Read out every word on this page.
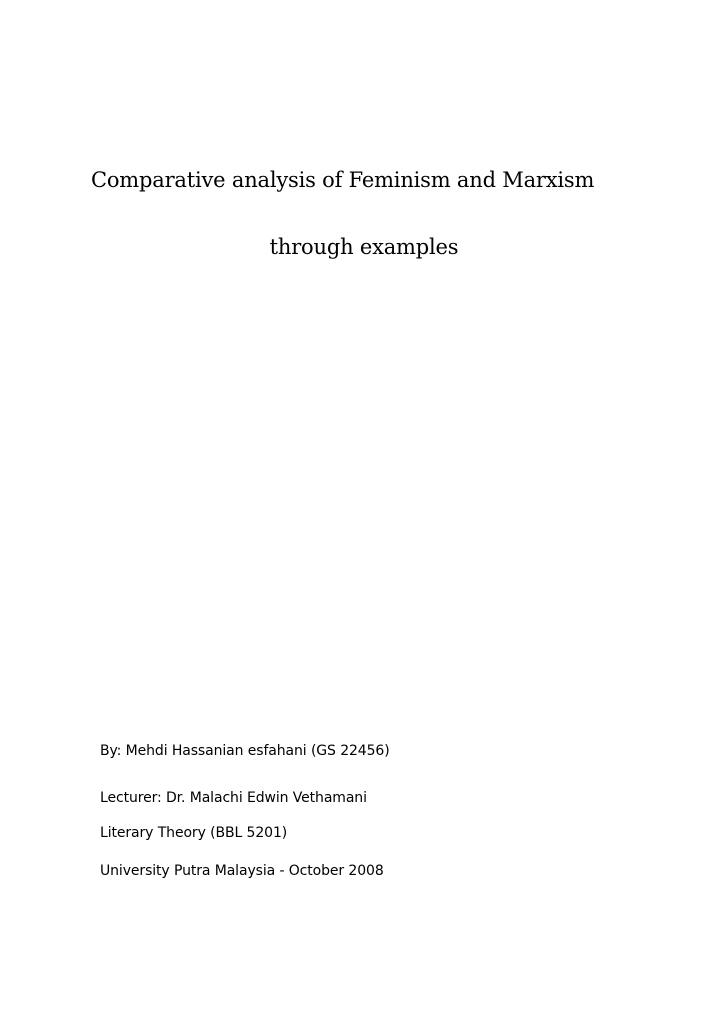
Comparative analysis of Feminism and Marxism
through examples
By: Mehdi Hassanian esfahani (GS 22456)
Lecturer: Dr. Malachi Edwin Vethamani
Literary Theory (BBL 5201)
University Putra Malaysia - October 2008
